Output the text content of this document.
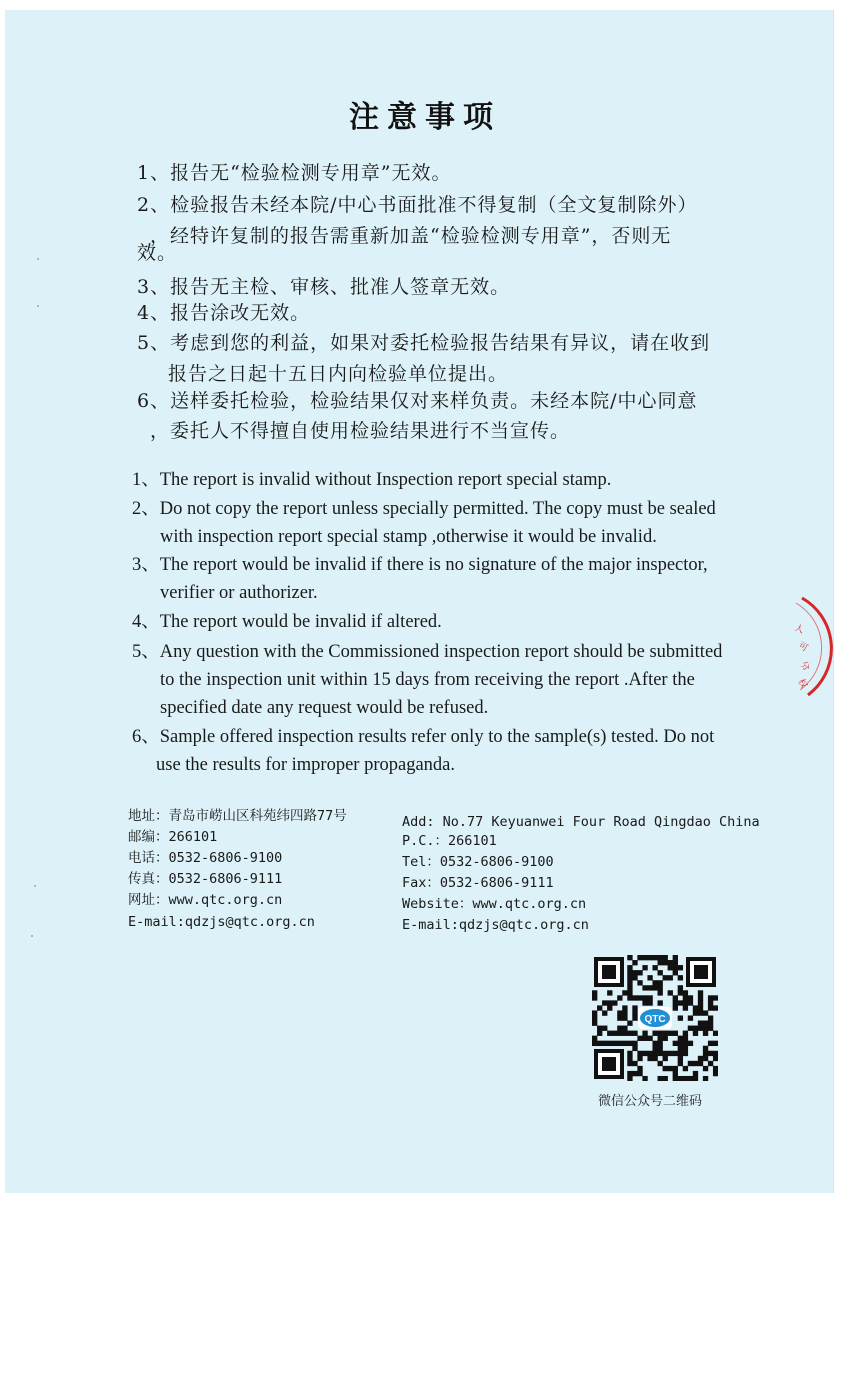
注意事项
1、报告无“检验检测专用章”无效。
2、检验报告未经本院/中心书面批准不得复制（全文复制除外）
，经特许复制的报告需重新加盖“检验检测专用章”，否则无
效。
3、报告无主检、审核、批准人签章无效。
4、报告涂改无效。
5、考虑到您的利益，如果对委托检验报告结果有异议，请在收到
报告之日起十五日内向检验单位提出。
6、送样委托检验，检验结果仅对来样负责。未经本院/中心同意
，委托人不得擅自使用检验结果进行不当宣传。
1、The report is invalid without Inspection report special stamp.
2、Do not copy the report unless specially permitted. The copy must be sealed
with inspection report special stamp ,otherwise it would be invalid.
3、The report would be invalid if there is no signature of the major inspector,
verifier or authorizer.
4、The report would be invalid if altered.
5、Any question with the Commissioned inspection report should be submitted
to the inspection unit within 15 days from receiving the report .After the
specified date any request would be refused.
6、Sample offered inspection results refer only to the sample(s) tested. Do not
use the results for improper propaganda.
地址：青岛市崂山区科苑纬四路77号
邮编：266101
电话：0532-6806-9100
传真：0532-6806-9111
网址：www.qtc.org.cn
E-mail:qdzjs@qtc.org.cn
Add: No.77 Keyuanwei Four Road Qingdao China
P.C.：266101
Tel：0532-6806-9100
Fax：0532-6806-9111
Website：www.qtc.org.cn
E-mail:qdzjs@qtc.org.cn
QTC
微信公众号二维码
人
可
分
权
